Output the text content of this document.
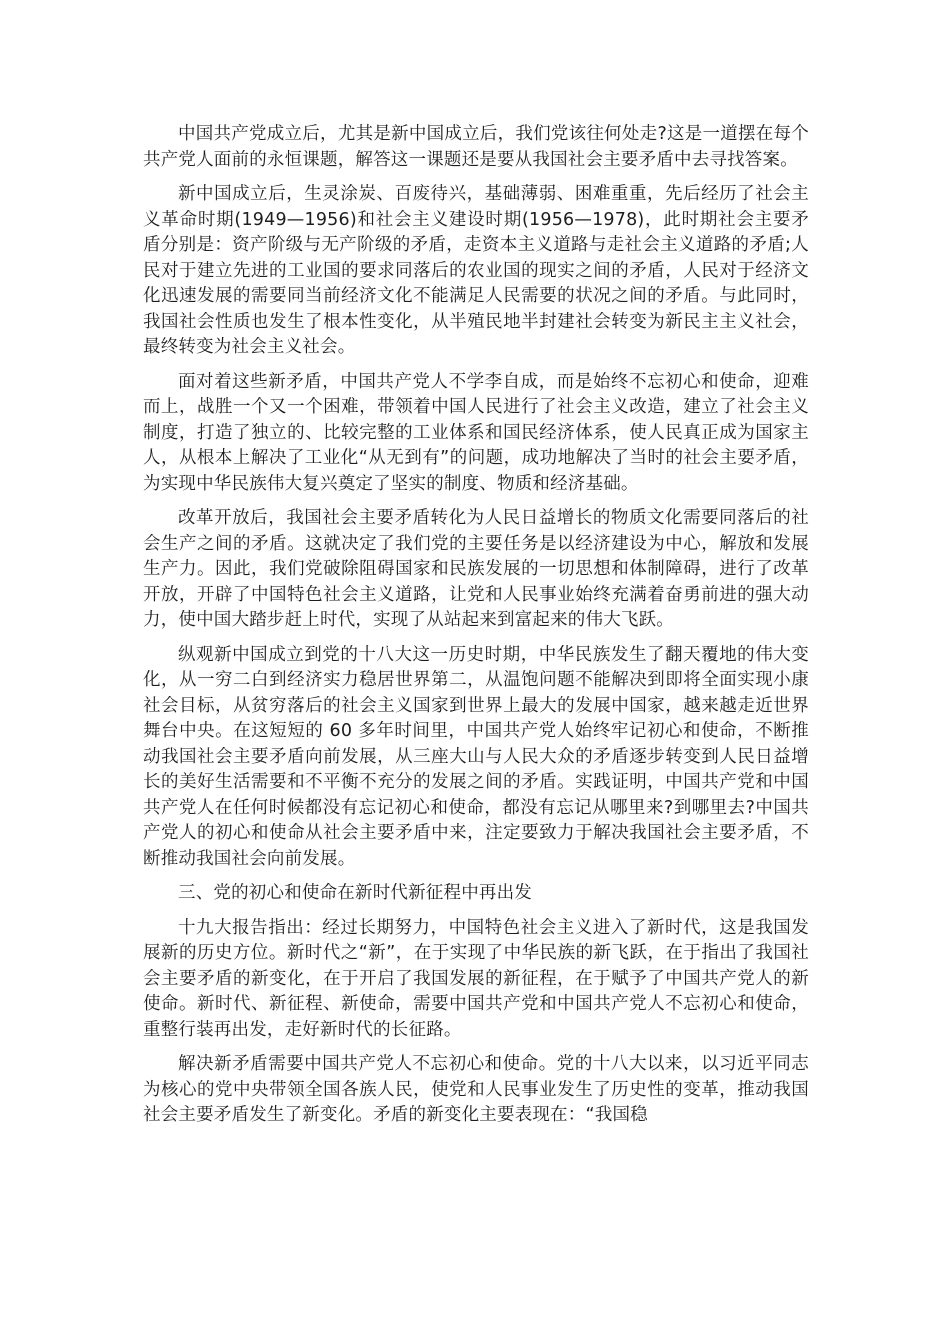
中国共产党成立后，尤其是新中国成立后，我们党该往何处走?这是一道摆在每个共产党人面前的永恒课题，解答这一课题还是要从我国社会主要矛盾中去寻找答案。

新中国成立后，生灵涂炭、百废待兴，基础薄弱、困难重重，先后经历了社会主义革命时期(1949—1956)和社会主义建设时期(1956—1978)，此时期社会主要矛盾分别是：资产阶级与无产阶级的矛盾，走资本主义道路与走社会主义道路的矛盾;人民对于建立先进的工业国的要求同落后的农业国的现实之间的矛盾，人民对于经济文化迅速发展的需要同当前经济文化不能满足人民需要的状况之间的矛盾。与此同时，我国社会性质也发生了根本性变化，从半殖民地半封建社会转变为新民主主义社会，最终转变为社会主义社会。

面对着这些新矛盾，中国共产党人不学李自成，而是始终不忘初心和使命，迎难而上，战胜一个又一个困难，带领着中国人民进行了社会主义改造，建立了社会主义制度，打造了独立的、比较完整的工业体系和国民经济体系，使人民真正成为国家主人，从根本上解决了工业化“从无到有”的问题，成功地解决了当时的社会主要矛盾，为实现中华民族伟大复兴奠定了坚实的制度、物质和经济基础。

改革开放后，我国社会主要矛盾转化为人民日益增长的物质文化需要同落后的社会生产之间的矛盾。这就决定了我们党的主要任务是以经济建设为中心，解放和发展生产力。因此，我们党破除阻碍国家和民族发展的一切思想和体制障碍，进行了改革开放，开辟了中国特色社会主义道路，让党和人民事业始终充满着奋勇前进的强大动力，使中国大踏步赶上时代，实现了从站起来到富起来的伟大飞跃。

纵观新中国成立到党的十八大这一历史时期，中华民族发生了翻天覆地的伟大变化，从一穷二白到经济实力稳居世界第二，从温饱问题不能解决到即将全面实现小康社会目标，从贫穷落后的社会主义国家到世界上最大的发展中国家，越来越走近世界舞台中央。在这短短的 60 多年时间里，中国共产党人始终牢记初心和使命，不断推动我国社会主要矛盾向前发展，从三座大山与人民大众的矛盾逐步转变到人民日益增长的美好生活需要和不平衡不充分的发展之间的矛盾。实践证明，中国共产党和中国共产党人在任何时候都没有忘记初心和使命，都没有忘记从哪里来?到哪里去?中国共产党人的初心和使命从社会主要矛盾中来，注定要致力于解决我国社会主要矛盾，不断推动我国社会向前发展。

三、党的初心和使命在新时代新征程中再出发

十九大报告指出：经过长期努力，中国特色社会主义进入了新时代，这是我国发展新的历史方位。新时代之“新”，在于实现了中华民族的新飞跃，在于指出了我国社会主要矛盾的新变化，在于开启了我国发展的新征程，在于赋予了中国共产党人的新使命。新时代、新征程、新使命，需要中国共产党和中国共产党人不忘初心和使命，重整行装再出发，走好新时代的长征路。

解决新矛盾需要中国共产党人不忘初心和使命。党的十八大以来，以习近平同志为核心的党中央带领全国各族人民，使党和人民事业发生了历史性的变革，推动我国社会主要矛盾发生了新变化。矛盾的新变化主要表现在：“我国稳
